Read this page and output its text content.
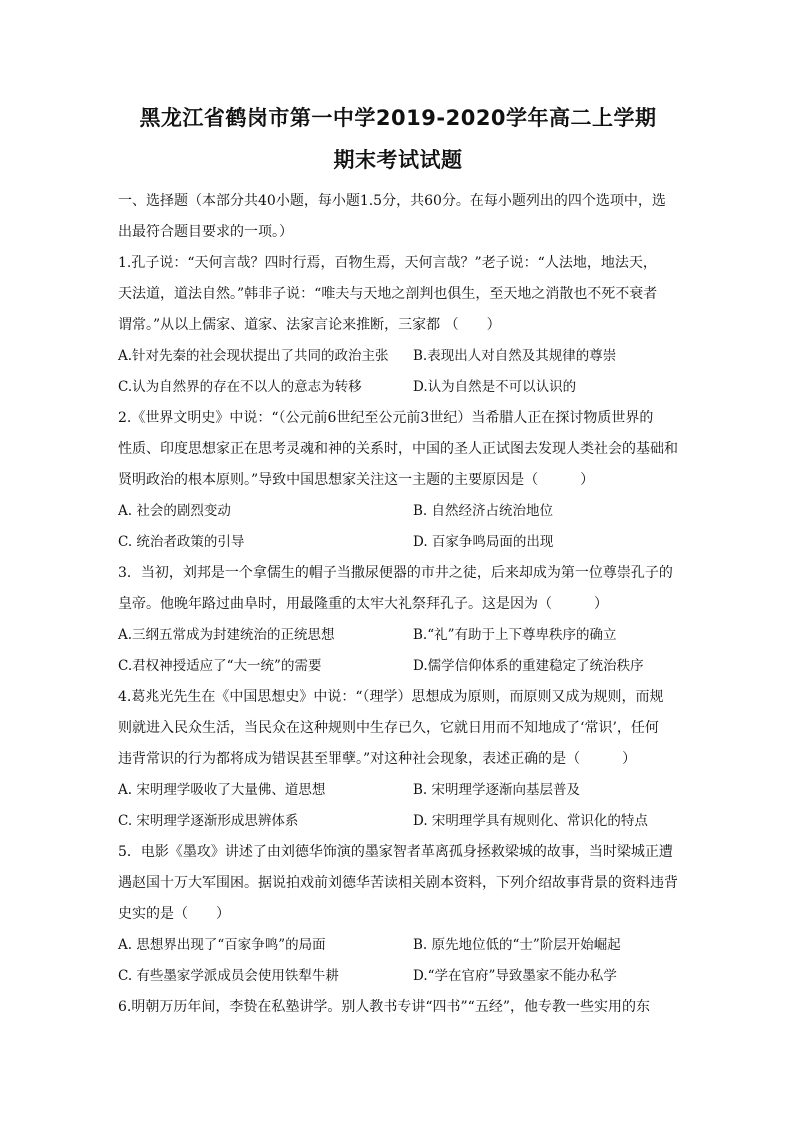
黑龙江省鹤岗市第一中学2019-2020学年高二上学期
期末考试试题
一、选择题（本部分共40小题，每小题1.5分，共60分。在每小题列出的四个选项中，选
出最符合题目要求的一项。）
1.孔子说：“天何言哉？四时行焉，百物生焉，天何言哉？”老子说：“人法地，地法天，
天法道，道法自然。”韩非子说：“唯夫与天地之剖判也俱生，至天地之消散也不死不衰者
谓常。”从以上儒家、道家、法家言论来推断，三家都 （　　）
A.针对先秦的社会现状提出了共同的政治主张	B.表现出人对自然及其规律的尊崇
C.认为自然界的存在不以人的意志为转移	D.认为自然是不可以认识的
2.《世界文明史》中说：“（公元前6世纪至公元前3世纪）当希腊人正在探讨物质世界的
性质、印度思想家正在思考灵魂和神的关系时，中国的圣人正试图去发现人类社会的基础和
贤明政治的根本原则。”导致中国思想家关注这一主题的主要原因是（　　　）
A. 社会的剧烈变动	B. 自然经济占统治地位
C. 统治者政策的引导	D. 百家争鸣局面的出现
3．当初，刘邦是一个拿儒生的帽子当撒尿便器的市井之徒，后来却成为第一位尊崇孔子的
皇帝。他晚年路过曲阜时，用最隆重的太牢大礼祭拜孔子。这是因为（　　　）
A.三纲五常成为封建统治的正统思想	B.“礼”有助于上下尊卑秩序的确立
C.君权神授适应了“大一统”的需要	D.儒学信仰体系的重建稳定了统治秩序
4.葛兆光先生在《中国思想史》中说：“（理学）思想成为原则，而原则又成为规则，而规
则就进入民众生活，当民众在这种规则中生存已久，它就日用而不知地成了‘常识’，任何
违背常识的行为都将成为错误甚至罪孽。”对这种社会现象，表述正确的是（　　　）
A. 宋明理学吸收了大量佛、道思想	B. 宋明理学逐渐向基层普及
C. 宋明理学逐渐形成思辨体系	D. 宋明理学具有规则化、常识化的特点
5．电影《墨攻》讲述了由刘德华饰演的墨家智者革离孤身拯救梁城的故事，当时梁城正遭
遇赵国十万大军围困。据说拍戏前刘德华苦读相关剧本资料，下列介绍故事背景的资料违背
史实的是（　　）
A. 思想界出现了“百家争鸣”的局面	B. 原先地位低的“士”阶层开始崛起
C. 有些墨家学派成员会使用铁犁牛耕	D.“学在官府”导致墨家不能办私学
6.明朝万历年间，李贽在私塾讲学。别人教书专讲“四书”“五经”，他专教一些实用的东
